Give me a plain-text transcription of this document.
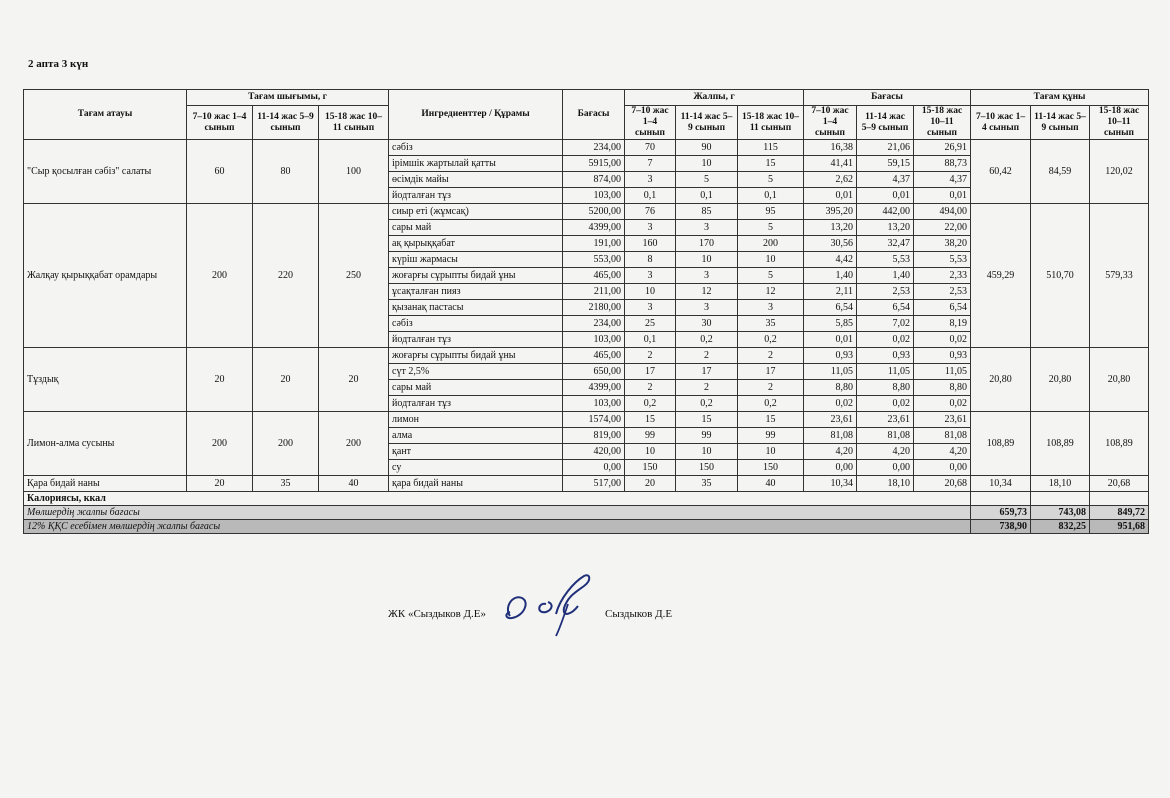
2 апта 3 күн
Тағам атауы	Тағам шығымы, г			Ингредиенттер / Құрамы	Бағасы	Жалпы, г			Бағасы			Тағам құны		
	7–10 жас 1–4 сынып	11-14 жас 5–9 сынып	15-18 жас 10–11 сынып			7–10 жас 1–4 сынып	11-14 жас 5–9 сынып	15-18 жас 10–11 сынып	7–10 жас 1–4 сынып	11-14 жас 5–9 сынып	15-18 жас 10–11 сынып	7–10 жас 1–4 сынып	11-14 жас 5–9 сынып	15-18 жас 10–11 сынып
"Сыр қосылған сәбіз" салаты	60	80	100	сәбіз	234,00	70	90	115	16,38	21,06	26,91	60,42	84,59	120,02
				ірімшік жартылай қатты	5915,00	7	10	15	41,41	59,15	88,73			
				өсімдік майы	874,00	3	5	5	2,62	4,37	4,37			
				йодталған тұз	103,00	0,1	0,1	0,1	0,01	0,01	0,01			
Жалқау қырыққабат орамдары	200	220	250	сиыр еті (жұмсақ)	5200,00	76	85	95	395,20	442,00	494,00	459,29	510,70	579,33
				сары май	4399,00	3	3	5	13,20	13,20	22,00			
				ақ қырыққабат	191,00	160	170	200	30,56	32,47	38,20			
				күріш жармасы	553,00	8	10	10	4,42	5,53	5,53			
				жоғарғы сұрыпты бидай ұны	465,00	3	3	5	1,40	1,40	2,33			
				ұсақталған пияз	211,00	10	12	12	2,11	2,53	2,53			
				қызанақ пастасы	2180,00	3	3	3	6,54	6,54	6,54			
				сәбіз	234,00	25	30	35	5,85	7,02	8,19			
				йодталған тұз	103,00	0,1	0,2	0,2	0,01	0,02	0,02			
Тұздық	20	20	20	жоғарғы сұрыпты бидай ұны	465,00	2	2	2	0,93	0,93	0,93	20,80	20,80	20,80
				сүт 2,5%	650,00	17	17	17	11,05	11,05	11,05			
				сары май	4399,00	2	2	2	8,80	8,80	8,80			
				йодталған тұз	103,00	0,2	0,2	0,2	0,02	0,02	0,02			
Лимон-алма сусыны	200	200	200	лимон	1574,00	15	15	15	23,61	23,61	23,61	108,89	108,89	108,89
				алма	819,00	99	99	99	81,08	81,08	81,08			
				қант	420,00	10	10	10	4,20	4,20	4,20			
				су	0,00	150	150	150	0,00	0,00	0,00			
Қара бидай наны	20	35	40	қара бидай наны	517,00	20	35	40	10,34	18,10	20,68	10,34	18,10	20,68
Калориясы, ккал														
Мөлшердің жалпы бағасы												659,73	743,08	849,72
12% ҚҚС есебімен мөлшердің жалпы бағасы												738,90	832,25	951,68
ЖК «Сыздыков Д.Е»	Сыздыков Д.Е
